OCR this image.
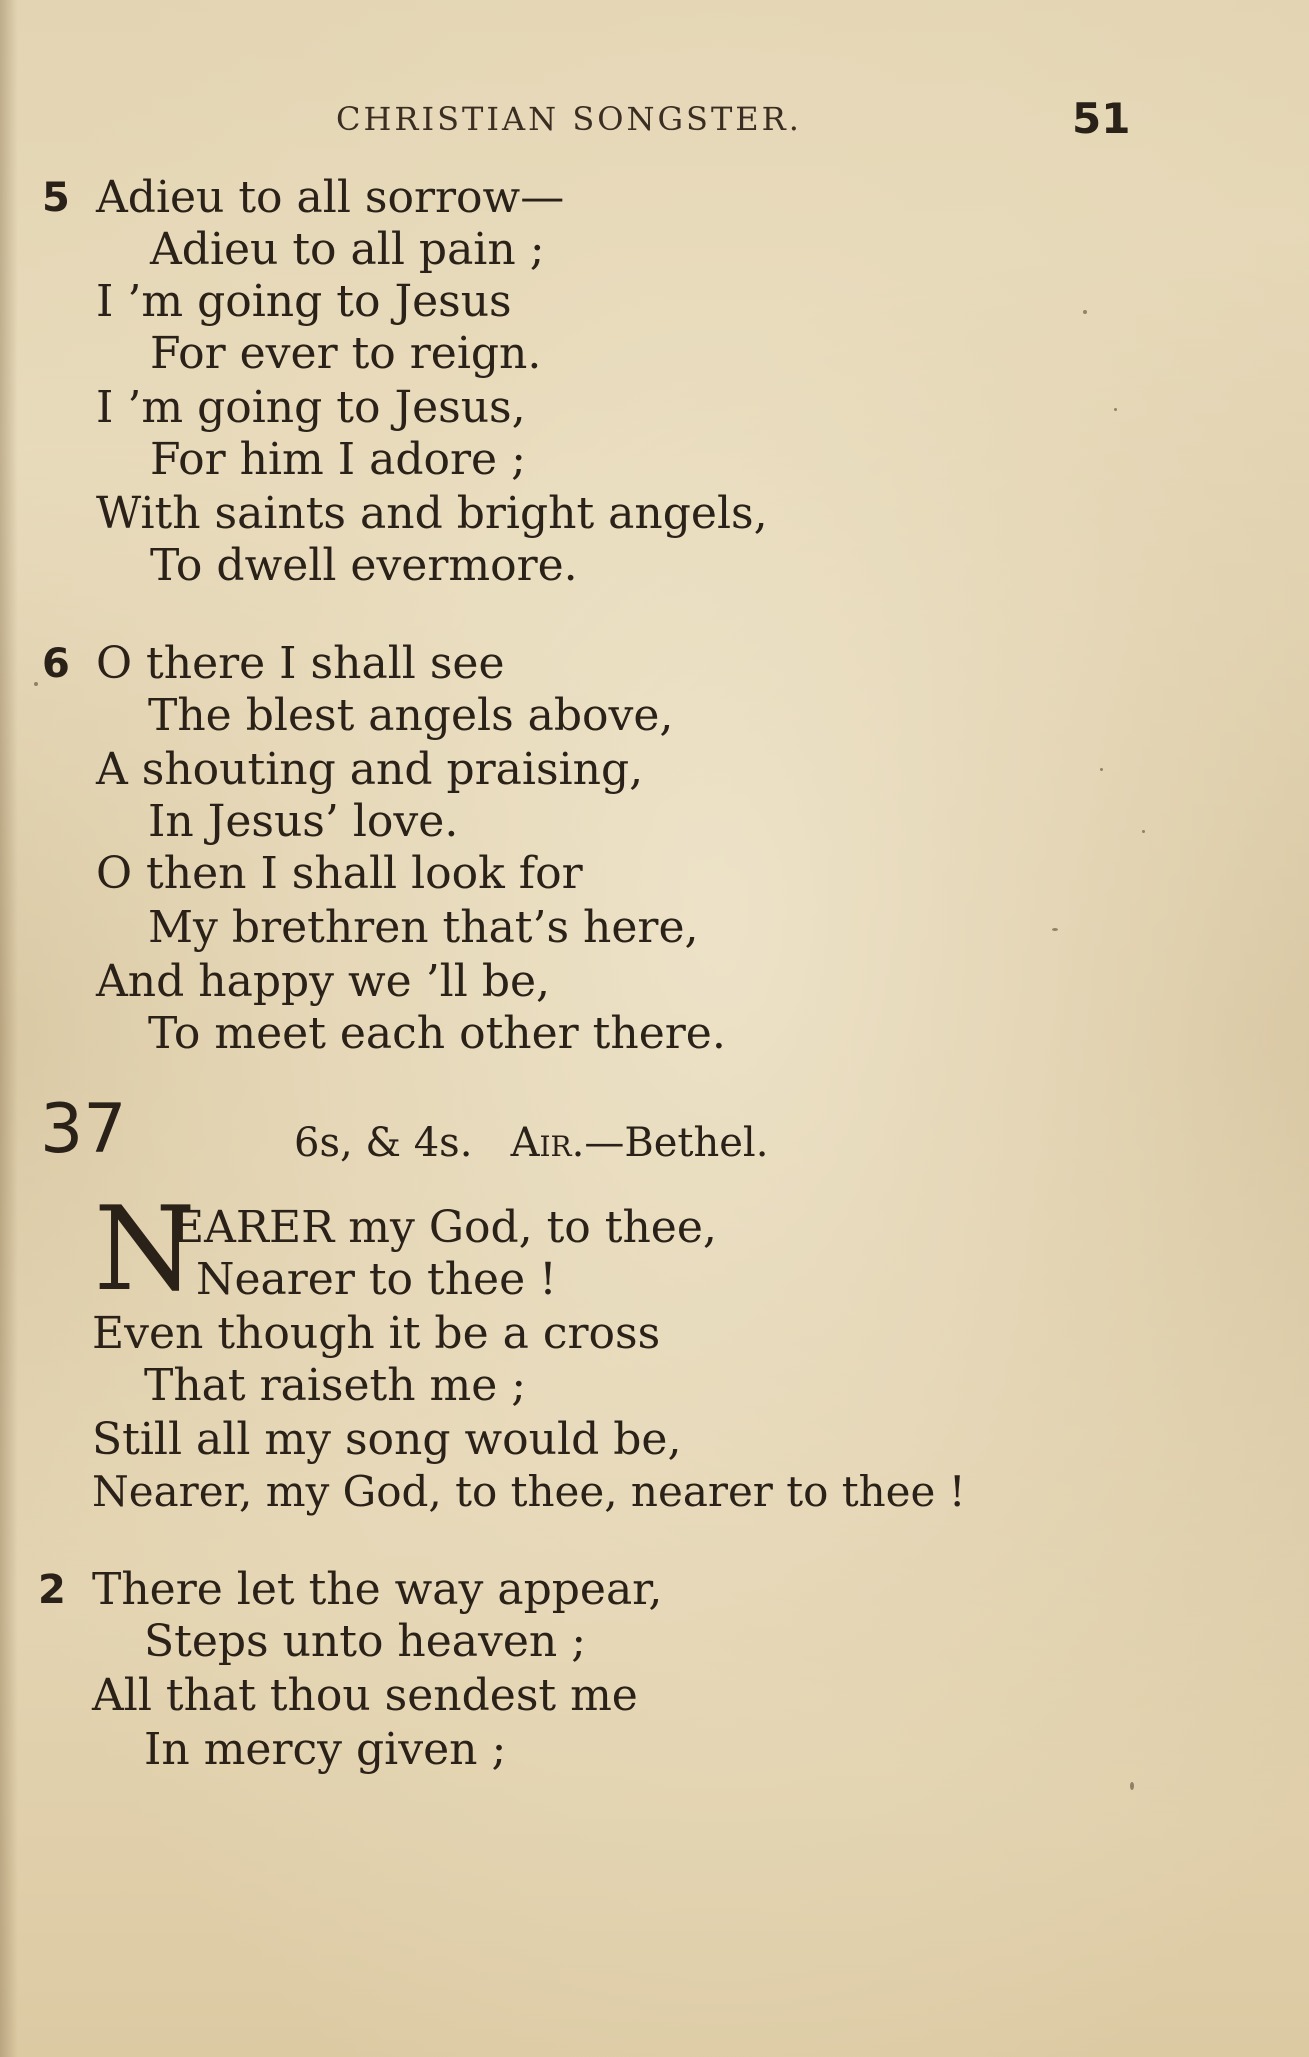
CHRISTIAN SONGSTER.	51
5 Adieu to all sorrow—
Adieu to all pain ;
I ’m going to Jesus
For ever to reign.
I ’m going to Jesus,
For him I adore ;
With saints and bright angels,
To dwell evermore.
6 O there I shall see
The blest angels above,
A shouting and praising,
In Jesus’ love.
O then I shall look for
My brethren that’s here,
And happy we ’ll be,
To meet each other there.
37	6s, & 4s. Air.—Bethel.
N
EARER my God, to thee,
Nearer to thee !
Even though it be a cross
That raiseth me ;
Still all my song would be,
Nearer, my God, to thee, nearer to thee !
2 There let the way appear,
Steps unto heaven ;
All that thou sendest me
In mercy given ;
